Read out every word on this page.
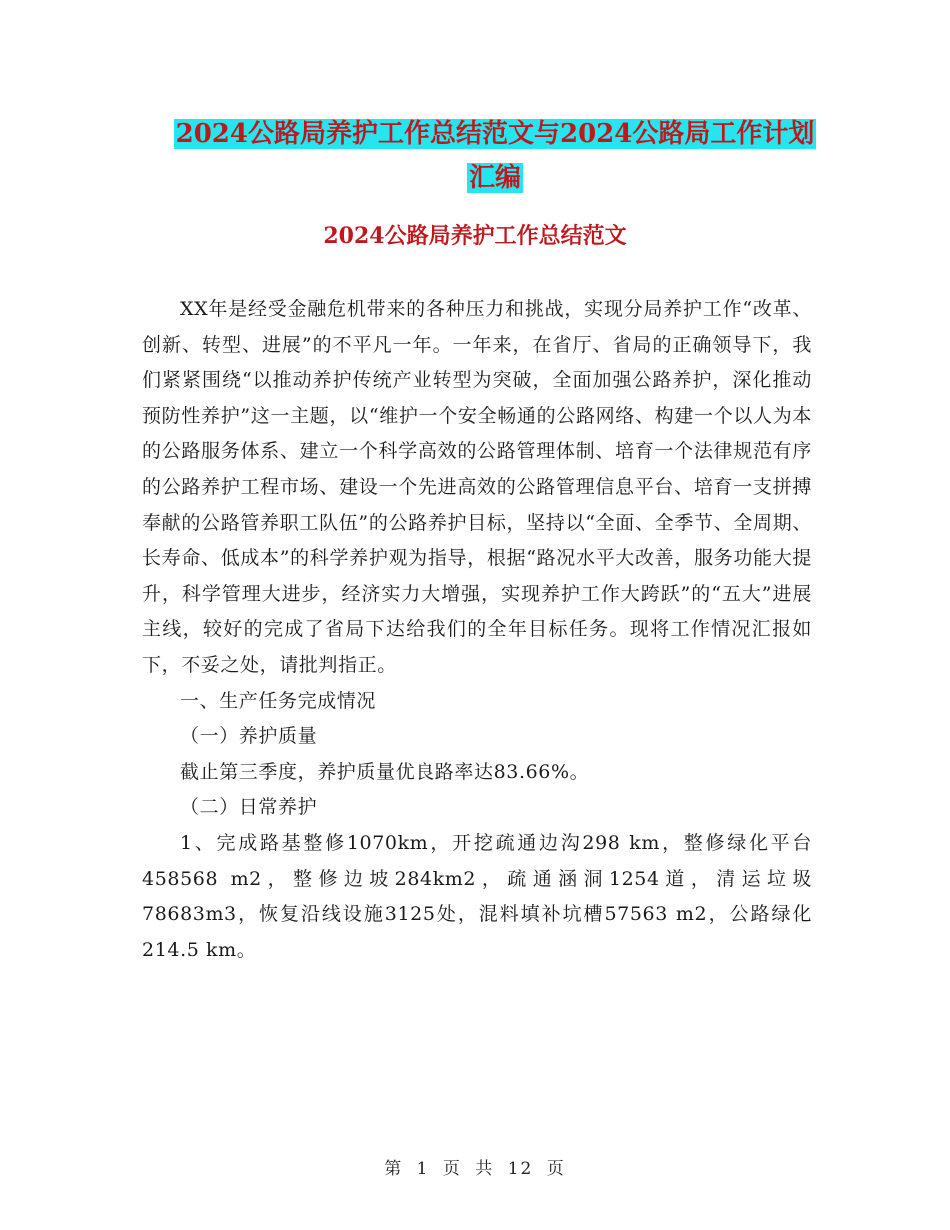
2024公路局养护工作总结范文与2024公路局工作计划
汇编
2024公路局养护工作总结范文

XX年是经受金融危机带来的各种压力和挑战，实现分局养护工作“改革、创新、转型、进展”的不平凡一年。一年来，在省厅、省局的正确领导下，我们紧紧围绕“以推动养护传统产业转型为突破，全面加强公路养护，深化推动预防性养护”这一主题，以“维护一个安全畅通的公路网络、构建一个以人为本的公路服务体系、建立一个科学高效的公路管理体制、培育一个法律规范有序的公路养护工程市场、建设一个先进高效的公路管理信息平台、培育一支拼搏奉献的公路管养职工队伍”的公路养护目标，坚持以“全面、全季节、全周期、长寿命、低成本”的科学养护观为指导，根据“路况水平大改善，服务功能大提升，科学管理大进步，经济实力大增强，实现养护工作大跨跃”的“五大”进展主线，较好的完成了省局下达给我们的全年目标任务。现将工作情况汇报如下，不妥之处，请批判指正。

一、生产任务完成情况

（一）养护质量

截止第三季度，养护质量优良路率达83.66%。

（二）日常养护

1、完成路基整修1070km，开挖疏通边沟298 km，整修绿化平台458568 m2，整修边坡284km2，疏通涵洞1254道，清运垃圾78683m3，恢复沿线设施3125处，混料填补坑槽57563 m2，公路绿化 214.5 km。

第 1 页 共 12 页
